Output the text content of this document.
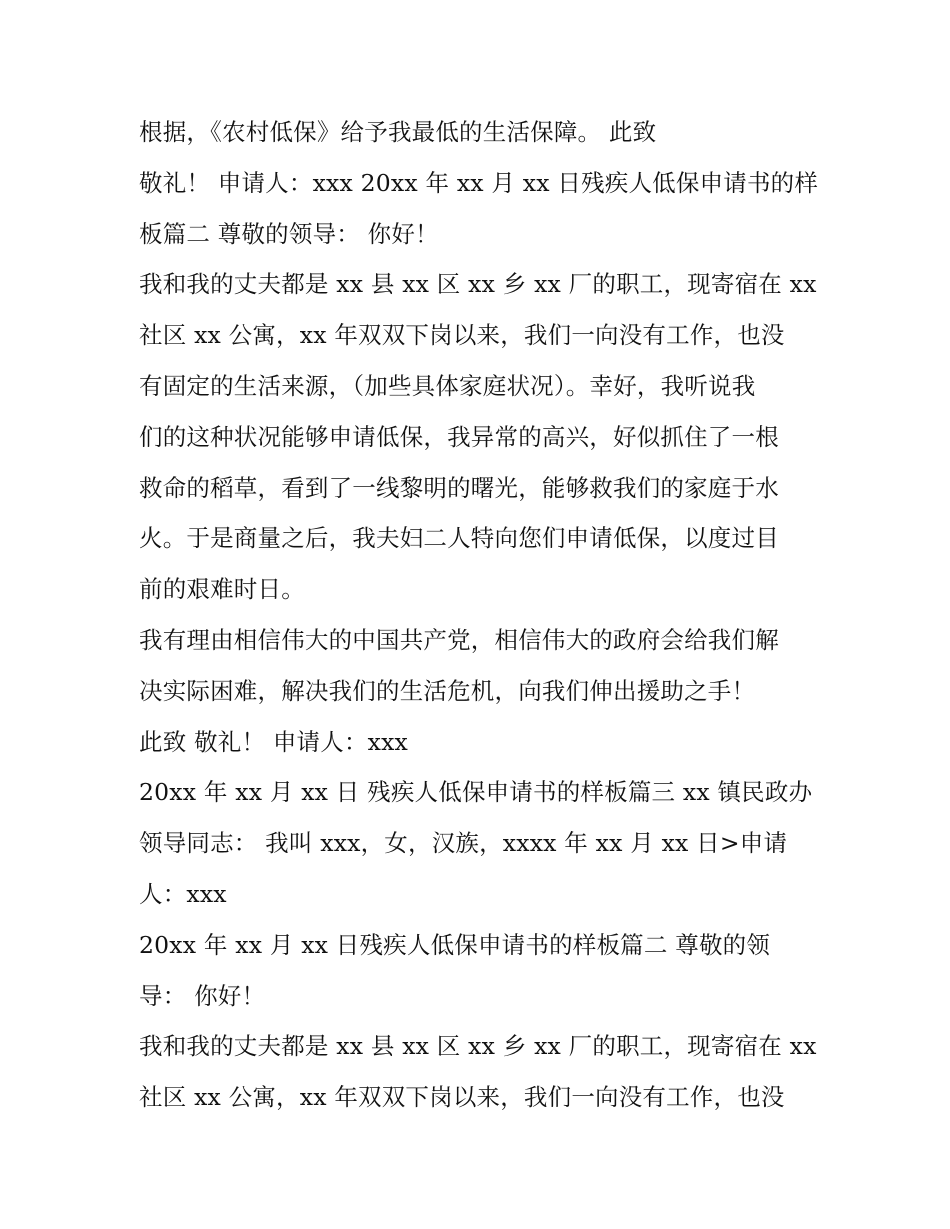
根据，《农村低保》给予我最低的生活保障。 此致
敬礼！ 申请人：xxx 20xx 年 xx 月 xx 日残疾人低保申请书的样
板篇二 尊敬的领导： 你好！
我和我的丈夫都是 xx 县 xx 区 xx 乡 xx 厂的职工，现寄宿在 xx
社区 xx 公寓，xx 年双双下岗以来，我们一向没有工作，也没
有固定的生活来源，（加些具体家庭状况）。幸好，我听说我
们的这种状况能够申请低保，我异常的高兴，好似抓住了一根
救命的稻草，看到了一线黎明的曙光，能够救我们的家庭于水
火。于是商量之后，我夫妇二人特向您们申请低保，以度过目
前的艰难时日。
我有理由相信伟大的中国共产党，相信伟大的政府会给我们解
决实际困难，解决我们的生活危机，向我们伸出援助之手！
此致 敬礼！ 申请人：xxx
20xx 年 xx 月 xx 日 残疾人低保申请书的样板篇三 xx 镇民政办
领导同志： 我叫 xxx，女，汉族，xxxx 年 xx 月 xx 日>申请
人：xxx
20xx 年 xx 月 xx 日残疾人低保申请书的样板篇二 尊敬的领
导： 你好！
我和我的丈夫都是 xx 县 xx 区 xx 乡 xx 厂的职工，现寄宿在 xx
社区 xx 公寓，xx 年双双下岗以来，我们一向没有工作，也没
